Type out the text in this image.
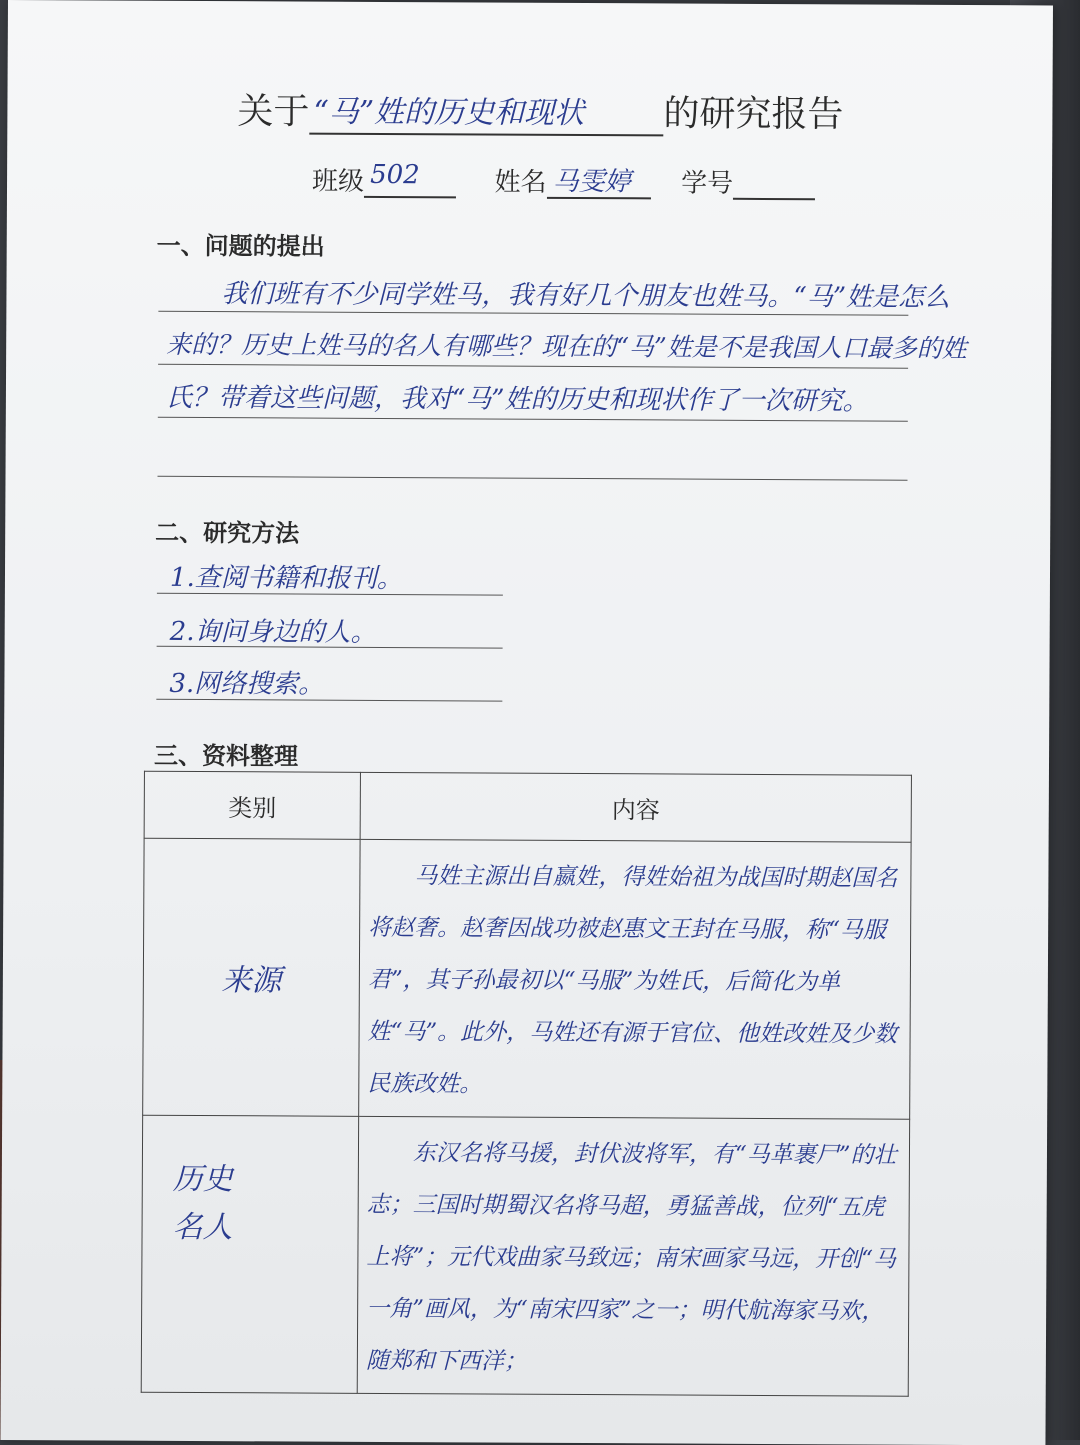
关于 “马”姓的历史和现状 的研究报告
班级 502	姓名 马雯婷 学号
一、问题的提出
我们班有不少同学姓马，我有好几个朋友也姓马。“马”姓是怎么
来的？历史上姓马的名人有哪些？现在的“马”姓是不是我国人口最多的姓
氏？带着这些问题，我对“马”姓的历史和现状作了一次研究。
二、研究方法
1.查阅书籍和报刊。
2.询问身边的人。
3.网络搜索。
三、资料整理
类别	内容
来源	马姓主源出自嬴姓，得姓始祖为战国时期赵国名将赵奢。赵奢因战功被赵惠文王封在马服，称“马服君”，其子孙最初以“马服”为姓氏，后简化为单姓“马”。此外，马姓还有源于官位、他姓改姓及少数民族改姓。

历史名人	东汉名将马援，封伏波将军，有“马革裹尸”的壮志；三国时期蜀汉名将马超，勇猛善战，位列“五虎上将”；元代戏曲家马致远；南宋画家马远，开创“马一角”画风，为“南宋四家”之一；明代航海家马欢，随郑和下西洋；
